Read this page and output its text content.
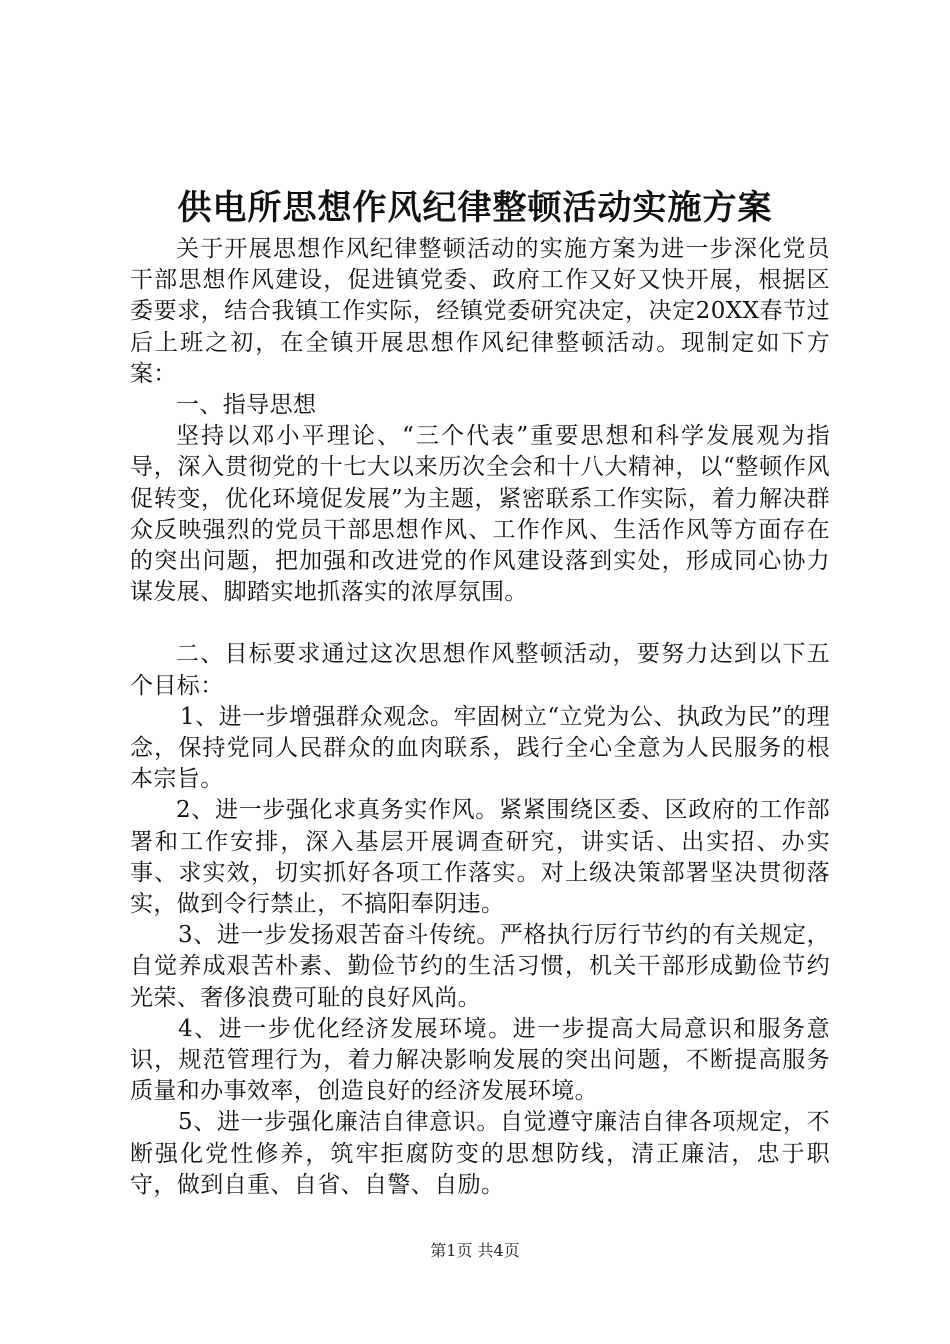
供电所思想作风纪律整顿活动实施方案

关于开展思想作风纪律整顿活动的实施方案为进一步深化党员干部思想作风建设，促进镇党委、政府工作又好又快开展，根据区委要求，结合我镇工作实际，经镇党委研究决定，决定20XX春节过后上班之初，在全镇开展思想作风纪律整顿活动。现制定如下方案：

一、指导思想

坚持以邓小平理论、“三个代表”重要思想和科学发展观为指导，深入贯彻党的十七大以来历次全会和十八大精神，以“整顿作风促转变，优化环境促发展”为主题，紧密联系工作实际，着力解决群众反映强烈的党员干部思想作风、工作作风、生活作风等方面存在的突出问题，把加强和改进党的作风建设落到实处，形成同心协力谋发展、脚踏实地抓落实的浓厚氛围。

二、目标要求通过这次思想作风整顿活动，要努力达到以下五个目标：

1、进一步增强群众观念。牢固树立“立党为公、执政为民”的理念，保持党同人民群众的血肉联系，践行全心全意为人民服务的根本宗旨。

2、进一步强化求真务实作风。紧紧围绕区委、区政府的工作部署和工作安排，深入基层开展调查研究，讲实话、出实招、办实事、求实效，切实抓好各项工作落实。对上级决策部署坚决贯彻落实，做到令行禁止，不搞阳奉阴违。

3、进一步发扬艰苦奋斗传统。严格执行厉行节约的有关规定，自觉养成艰苦朴素、勤俭节约的生活习惯，机关干部形成勤俭节约光荣、奢侈浪费可耻的良好风尚。

4、进一步优化经济发展环境。进一步提高大局意识和服务意识，规范管理行为，着力解决影响发展的突出问题，不断提高服务质量和办事效率，创造良好的经济发展环境。

5、进一步强化廉洁自律意识。自觉遵守廉洁自律各项规定，不断强化党性修养，筑牢拒腐防变的思想防线，清正廉洁，忠于职守，做到自重、自省、自警、自励。

第1页 共4页
